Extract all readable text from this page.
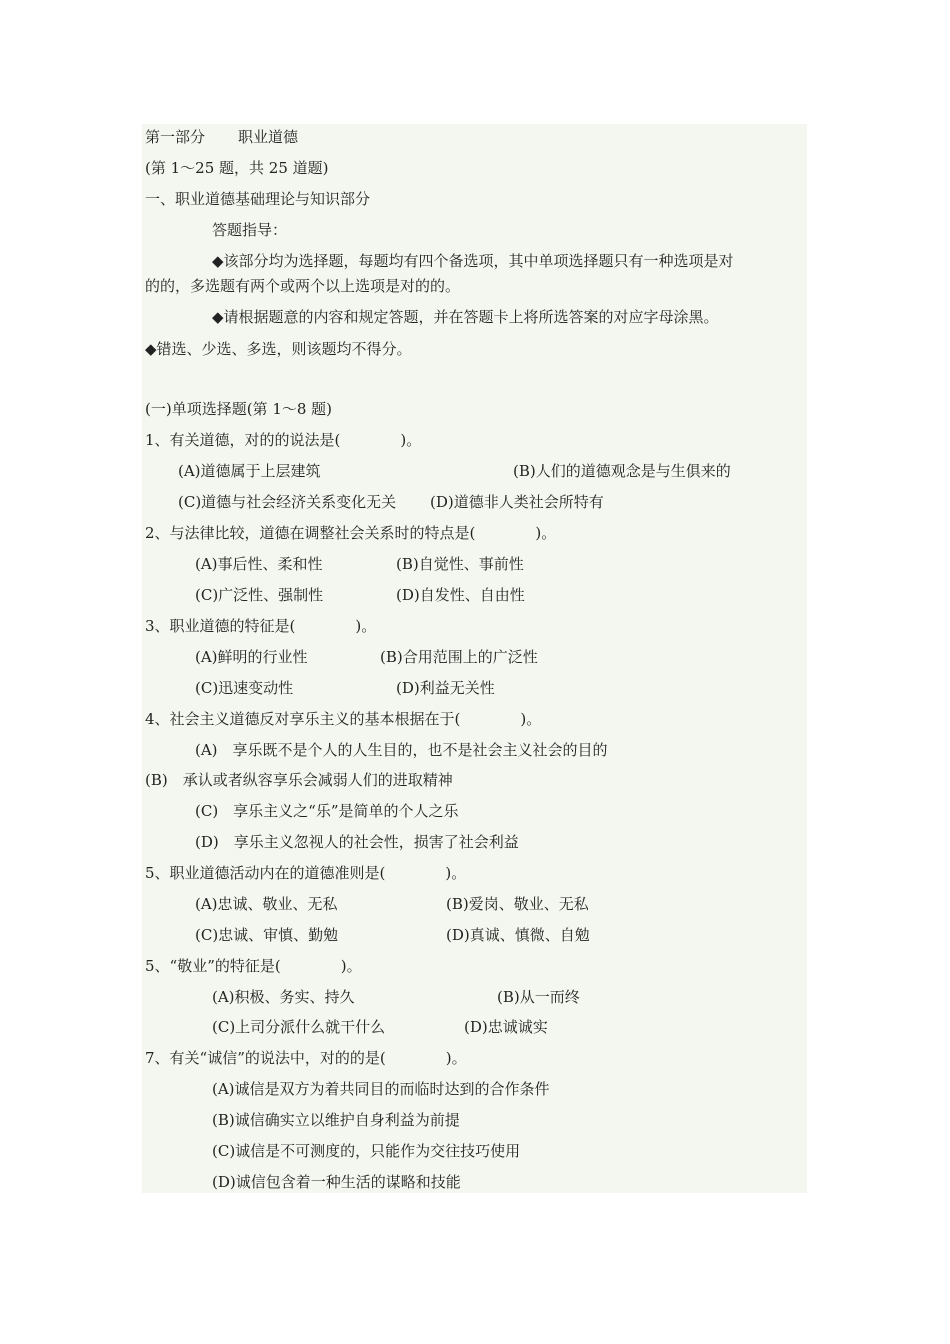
第一部分 职业道德
(第 1～25 题，共 25 道题)
一、职业道德基础理论与知识部分
答题指导：
◆该部分均为选择题，每题均有四个备选项，其中单项选择题只有一种选项是对
的的，多选题有两个或两个以上选项是对的的。
◆请根据题意的内容和规定答题，并在答题卡上将所选答案的对应字母涂黑。
◆错选、少选、多选，则该题均不得分。
(一)单项选择题(第 1～8 题)
1、有关道德，对的的说法是(　　　　)。
(A)道德属于上层建筑	(B)人们的道德观念是与生俱来的
(C)道德与社会经济关系变化无关 (D)道德非人类社会所特有
2、与法律比较，道德在调整社会关系时的特点是(　　　　)。
(A)事后性、柔和性	(B)自觉性、事前性
(C)广泛性、强制性	(D)自发性、自由性
3、职业道德的特征是(　　　　)。
(A)鲜明的行业性	(B)合用范围上的广泛性
(C)迅速变动性	(D)利益无关性
4、社会主义道德反对享乐主义的基本根据在于(　　　　)。
(A)　享乐既不是个人的人生目的，也不是社会主义社会的目的
(B)　承认或者纵容享乐会减弱人们的进取精神
(C)　享乐主义之“乐”是简单的个人之乐
(D)　享乐主义忽视人的社会性，损害了社会利益
5、职业道德活动内在的道德准则是(　　　　)。
(A)忠诚、敬业、无私	(B)爱岗、敬业、无私
(C)忠诚、审慎、勤勉	(D)真诚、慎微、自勉
5、“敬业”的特征是(　　　　)。
(A)积极、务实、持久	(B)从一而终
(C)上司分派什么就干什么	(D)忠诚诚实
7、有关“诚信”的说法中，对的的是(　　　　)。
(A)诚信是双方为着共同目的而临时达到的合作条件
(B)诚信确实立以维护自身利益为前提
(C)诚信是不可测度的，只能作为交往技巧使用
(D)诚信包含着一种生活的谋略和技能
